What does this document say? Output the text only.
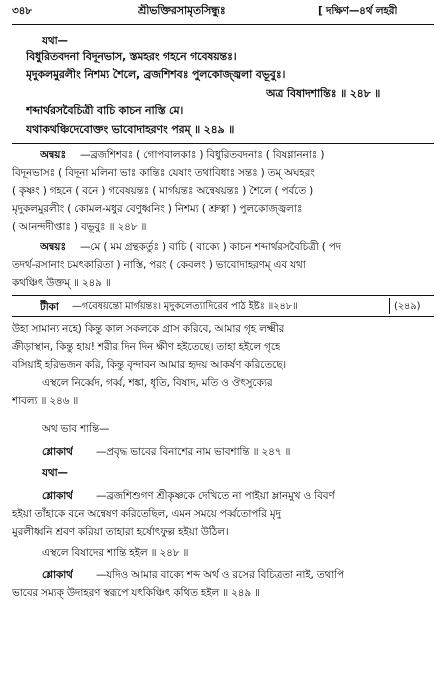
৩৪৮	শ্রীভক্তিরসামৃতসিন্ধুঃ	[ দক্ষিণ—৪র্থ লহরী
যথা—
বিধুরিতবদনা বিদূনভাস, স্তমহরং গহনে গবেষয়ন্তঃ।
মৃদুকলমুরলীং নিশম্য শৈলে, ব্রজশিশবঃ পুলকোজ্জ্বলা বভূবুঃ।
অত্র বিষাদশান্তিঃ ॥ ২৪৮ ॥
শব্দার্থরসবৈচিত্রী বাচি কাচন নাস্তি মে।
যথাকথঞ্চিদেবোক্তং ভাবোদাহরণং পরম্ ॥ ২৪৯ ॥
অন্বয়ঃ —ব্রজশিশবঃ ( গোপবালকাঃ ) বিধুরিতবদনাঃ ( বিষণ্ণাননাঃ )
বিদূনভাসঃ ( বিদূনা মলিনা ভাঃ কান্তিঃ যেষাং তথাবিধাঃ সন্তঃ ) তম্ অঘহরং
( কৃষ্ণং ) গহনে ( বনে ) গবেষয়ন্তঃ ( মার্গয়ন্তঃ অন্বেষয়ন্তঃ ) শৈলে ( পর্বতে )
মৃদুকলমুরলীং ( কোমল-মধুর বেণুধ্বনিং ) নিশম্য ( শ্রুত্বা ) পুলকোজ্জ্বলাঃ
( আনন্দদীপ্তাঃ ) বভূবুঃ ॥ ২৪৮ ॥
অন্বয়ঃ —মে ( মম গ্রন্থকর্তুঃ ) বাচি ( বাক্যে ) কাচন শব্দার্থরসবৈচিত্রী ( পদ
তদর্থ-রসানাং চমৎকারিতা ) নাস্তি, পরং ( কেবলং ) ভাবোদাহরণম্ এব যথা
কথঞ্চিৎ উক্তম্ ॥ ২৪৯ ॥
টীকা —গবেষয়ন্তো মার্গয়ন্তঃ। মৃদুকলেত্যাদিরেব পাঠ ইষ্টঃ ॥২৪৮॥	(২৪৯)
উহা সামান্য নহে) কিন্তু কাল সকলকে গ্রাস করিবে, আমার গৃহ লক্ষ্মীর
ক্রীড়াস্থান, কিন্তু হায়! শরীর দিন দিন ক্ষীণ হইতেছে। তাহা হইলে গৃহে
বসিয়াই হরিভজন করি, কিন্তু বৃন্দাবন আমার হৃদয় আকর্ষণ করিতেছে।
এস্থলে নির্ব্বেদ, গর্ব্ব, শঙ্কা, ধৃতি, বিষাদ, মতি ও ঔৎসুক্যের
শাবল্য ॥ ২৪৬ ॥
অথ ভাব শান্তি—
শ্লোকার্থ —প্রবৃদ্ধ ভাবের বিনাশের নাম ভাবশান্তি ॥ ২৪৭ ॥
যথা—
শ্লোকার্থ —ব্রজশিশুগণ শ্রীকৃষ্ণকে দেখিতে না পাইয়া ম্লানমুখ ও বিবর্ণ
হইয়া তাঁহাকে বনে অন্বেষণ করিতেছিল, এমন সময়ে পর্ব্বতোপরি মৃদু
মুরলীধ্বনি শ্রবণ করিয়া তাহারা হর্ষোৎফুল্ল হইয়া উঠিল।
এস্থলে বিষাদের শান্তি হইল ॥ ২৪৮ ॥
শ্লোকার্থ —যদিও আমার বাক্যে শব্দ অর্থ ও রসের বিচিত্রতা নাই, তথাপি
ভাবের সম্যক্ উদাহরণ স্বরূপে যৎকিঞ্চিৎ কথিত হইল ॥ ২৪৯ ॥
